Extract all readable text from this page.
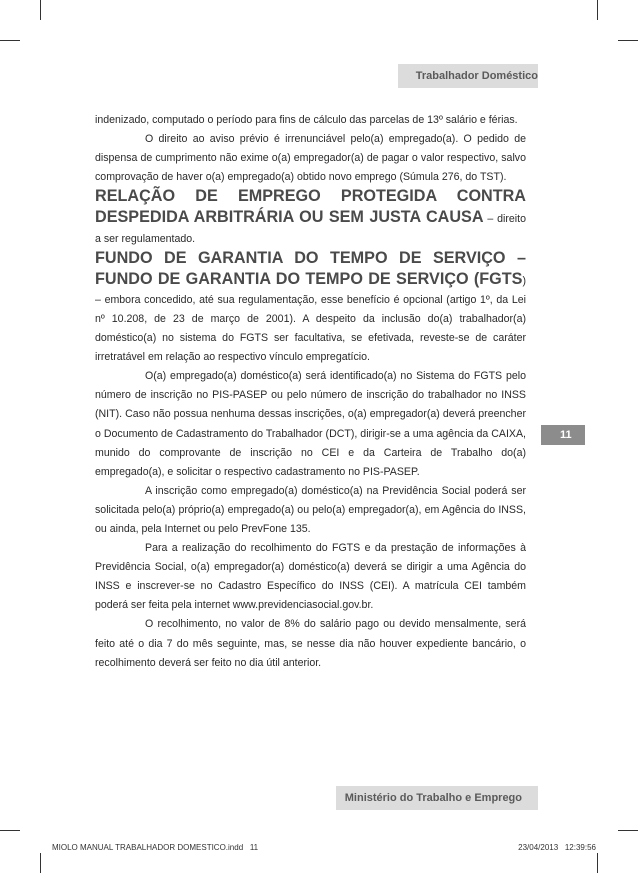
Trabalhador Doméstico
11

indenizado, computado o período para fins de cálculo das parcelas de 13º salário e férias.

O direito ao aviso prévio é irrenunciável pelo(a) empregado(a). O pedido de dispensa de cumprimento não exime o(a) empregador(a) de pagar o valor respectivo, salvo comprovação de haver o(a) empregado(a) obtido novo emprego (Súmula 276, do TST).

RELAÇÃO DE EMPREGO PROTEGIDA CONTRA DESPEDIDA ARBITRÁRIA OU SEM JUSTA CAUSA – direito a ser regulamentado.

FUNDO DE GARANTIA DO TEMPO DE SERVIÇO – FUNDO DE GARANTIA DO TEMPO DE SERVIÇO (FGTS) – embora concedido, até sua regulamentação, esse benefício é opcional (artigo 1º, da Lei nº 10.208, de 23 de março de 2001). A despeito da inclusão do(a) trabalhador(a) doméstico(a) no sistema do FGTS ser facultativa, se efetivada, reveste-se de caráter irretratável em relação ao respectivo vínculo empregatício.

O(a) empregado(a) doméstico(a) será identificado(a) no Sistema do FGTS pelo número de inscrição no PIS-PASEP ou pelo número de inscrição do trabalhador no INSS (NIT). Caso não possua nenhuma dessas inscrições, o(a) empregador(a) deverá preencher o Documento de Cadastramento do Trabalhador (DCT), dirigir-se a uma agência da CAIXA, munido do comprovante de inscrição no CEI e da Carteira de Trabalho do(a) empregado(a), e solicitar o respectivo cadastramento no PIS-PASEP.

A inscrição como empregado(a) doméstico(a) na Previdência Social poderá ser solicitada pelo(a) próprio(a) empregado(a) ou pelo(a) empregador(a), em Agência do INSS, ou ainda, pela Internet ou pelo PrevFone 135.

Para a realização do recolhimento do FGTS e da prestação de informações à Previdência Social, o(a) empregador(a) doméstico(a) deverá se dirigir a uma Agência do INSS e inscrever-se no Cadastro Específico do INSS (CEI). A matrícula CEI também poderá ser feita pela internet www.previdenciasocial.gov.br.

O recolhimento, no valor de 8% do salário pago ou devido mensalmente, será feito até o dia 7 do mês seguinte, mas, se nesse dia não houver expediente bancário, o recolhimento deverá ser feito no dia útil anterior.

Ministério do Trabalho e Emprego
MIOLO MANUAL TRABALHADOR DOMESTICO.indd   11	23/04/2013   12:39:56
